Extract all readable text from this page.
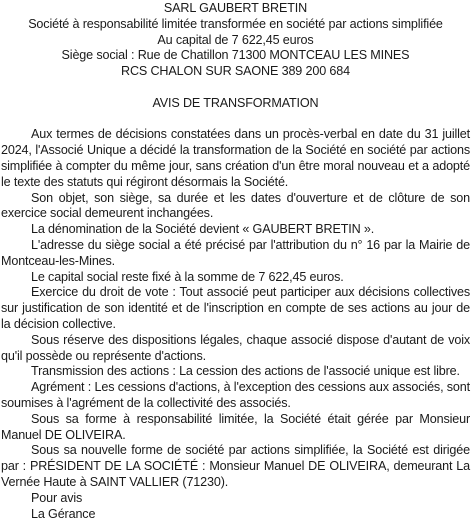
SARL GAUBERT BRETIN

Société à responsabilité limitée transformée en société par actions simplifiée

Au capital de 7 622,45 euros

Siège social : Rue de Chatillon 71300 MONTCEAU LES MINES

RCS CHALON SUR SAONE 389 200 684

AVIS DE TRANSFORMATION

Aux termes de décisions constatées dans un procès-verbal en date du 31 juillet 2024, l'Associé Unique a décidé la transformation de la Société en société par actions simplifiée à compter du même jour, sans création d'un être moral nouveau et a adopté le texte des statuts qui régiront désormais la Société.

Son objet, son siège, sa durée et les dates d'ouverture et de clôture de son exercice social demeurent inchangées.

La dénomination de la Société devient « GAUBERT BRETIN ».

L'adresse du siège social a été précisé par l'attribution du n° 16 par la Mairie de Montceau-les-Mines.

Le capital social reste fixé à la somme de 7 622,45 euros.

Exercice du droit de vote : Tout associé peut participer aux décisions collectives sur justification de son identité et de l'inscription en compte de ses actions au jour de la décision collective.

Sous réserve des dispositions légales, chaque associé dispose d'autant de voix qu'il possède ou représente d'actions.

Transmission des actions : La cession des actions de l'associé unique est libre.

Agrément : Les cessions d'actions, à l'exception des cessions aux associés, sont soumises à l'agrément de la collectivité des associés.

Sous sa forme à responsabilité limitée, la Société était gérée par Monsieur Manuel DE OLIVEIRA.

Sous sa nouvelle forme de société par actions simplifiée, la Société est dirigée par : PRÉSIDENT DE LA SOCIÉTÉ : Monsieur Manuel DE OLIVEIRA, demeurant La Vernée Haute à SAINT VALLIER (71230).

Pour avis

La Gérance
